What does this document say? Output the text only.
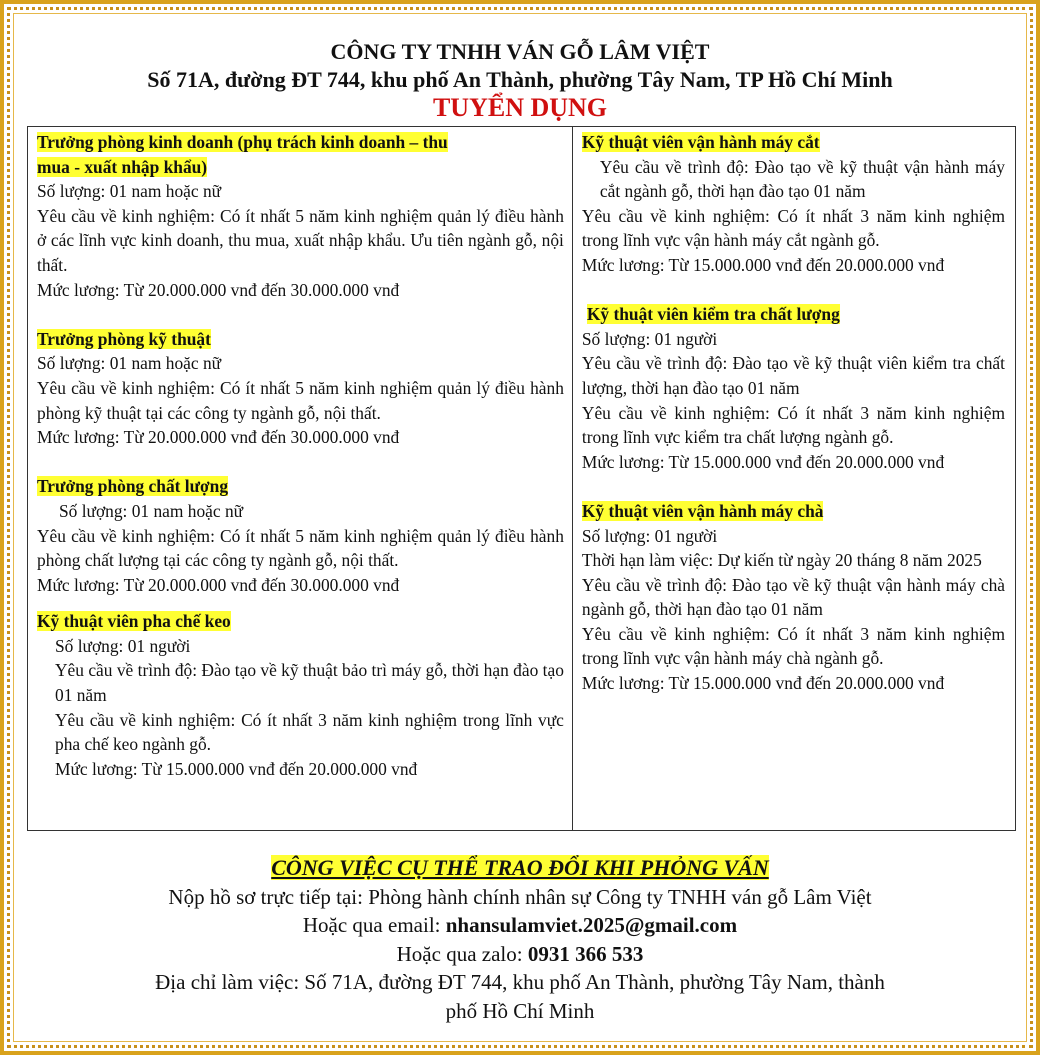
CÔNG TY TNHH VÁN GỖ LÂM VIỆT
Số 71A, đường ĐT 744, khu phố An Thành, phường Tây Nam, TP Hồ Chí Minh
TUYỂN DỤNG
Trưởng phòng kinh doanh (phụ trách kinh doanh – thu
mua - xuất nhập khẩu)
Số lượng: 01 nam hoặc nữ
Yêu cầu về kinh nghiệm: Có ít nhất 5 năm kinh nghiệm quản lý điều hành ở các lĩnh vực kinh doanh, thu mua, xuất nhập khẩu. Ưu tiên ngành gỗ, nội thất.
Mức lương: Từ 20.000.000 vnđ đến 30.000.000 vnđ
Trưởng phòng kỹ thuật
Số lượng: 01 nam hoặc nữ
Yêu cầu về kinh nghiệm: Có ít nhất 5 năm kinh nghiệm quản lý điều hành phòng kỹ thuật tại các công ty ngành gỗ, nội thất.
Mức lương: Từ 20.000.000 vnđ đến 30.000.000 vnđ
Trưởng phòng chất lượng
Số lượng: 01 nam hoặc nữ
Yêu cầu về kinh nghiệm: Có ít nhất 5 năm kinh nghiệm quản lý điều hành phòng chất lượng tại các công ty ngành gỗ, nội thất.
Mức lương: Từ 20.000.000 vnđ đến 30.000.000 vnđ
Kỹ thuật viên pha chế keo
Số lượng: 01 người
Yêu cầu về trình độ: Đào tạo về kỹ thuật bảo trì máy gỗ, thời hạn đào tạo 01 năm
Yêu cầu về kinh nghiệm: Có ít nhất 3 năm kinh nghiệm trong lĩnh vực pha chế keo ngành gỗ.
Mức lương: Từ 15.000.000 vnđ đến 20.000.000 vnđ
Kỹ thuật viên vận hành máy cắt
Yêu cầu về trình độ: Đào tạo về kỹ thuật vận hành máy cắt ngành gỗ, thời hạn đào tạo 01 năm
Yêu cầu về kinh nghiệm: Có ít nhất 3 năm kinh nghiệm trong lĩnh vực vận hành máy cắt ngành gỗ.
Mức lương: Từ 15.000.000 vnđ đến 20.000.000 vnđ
Kỹ thuật viên kiểm tra chất lượng
Số lượng: 01 người
Yêu cầu về trình độ: Đào tạo về kỹ thuật viên kiểm tra chất lượng, thời hạn đào tạo 01 năm
Yêu cầu về kinh nghiệm: Có ít nhất 3 năm kinh nghiệm trong lĩnh vực kiểm tra chất lượng ngành gỗ.
Mức lương: Từ 15.000.000 vnđ đến 20.000.000 vnđ
Kỹ thuật viên vận hành máy chà
Số lượng: 01 người
Thời hạn làm việc: Dự kiến từ ngày 20 tháng 8 năm 2025
Yêu cầu về trình độ: Đào tạo về kỹ thuật vận hành máy chà ngành gỗ, thời hạn đào tạo 01 năm
Yêu cầu về kinh nghiệm: Có ít nhất 3 năm kinh nghiệm trong lĩnh vực vận hành máy chà ngành gỗ.
Mức lương: Từ 15.000.000 vnđ đến 20.000.000 vnđ
CÔNG VIỆC CỤ THỂ TRAO ĐỔI KHI PHỎNG VẤN
Nộp hồ sơ trực tiếp tại: Phòng hành chính nhân sự Công ty TNHH ván gỗ Lâm Việt
Hoặc qua email: nhansulamviet.2025@gmail.com
Hoặc qua zalo: 0931 366 533
Địa chỉ làm việc: Số 71A, đường ĐT 744, khu phố An Thành, phường Tây Nam, thành
phố Hồ Chí Minh
